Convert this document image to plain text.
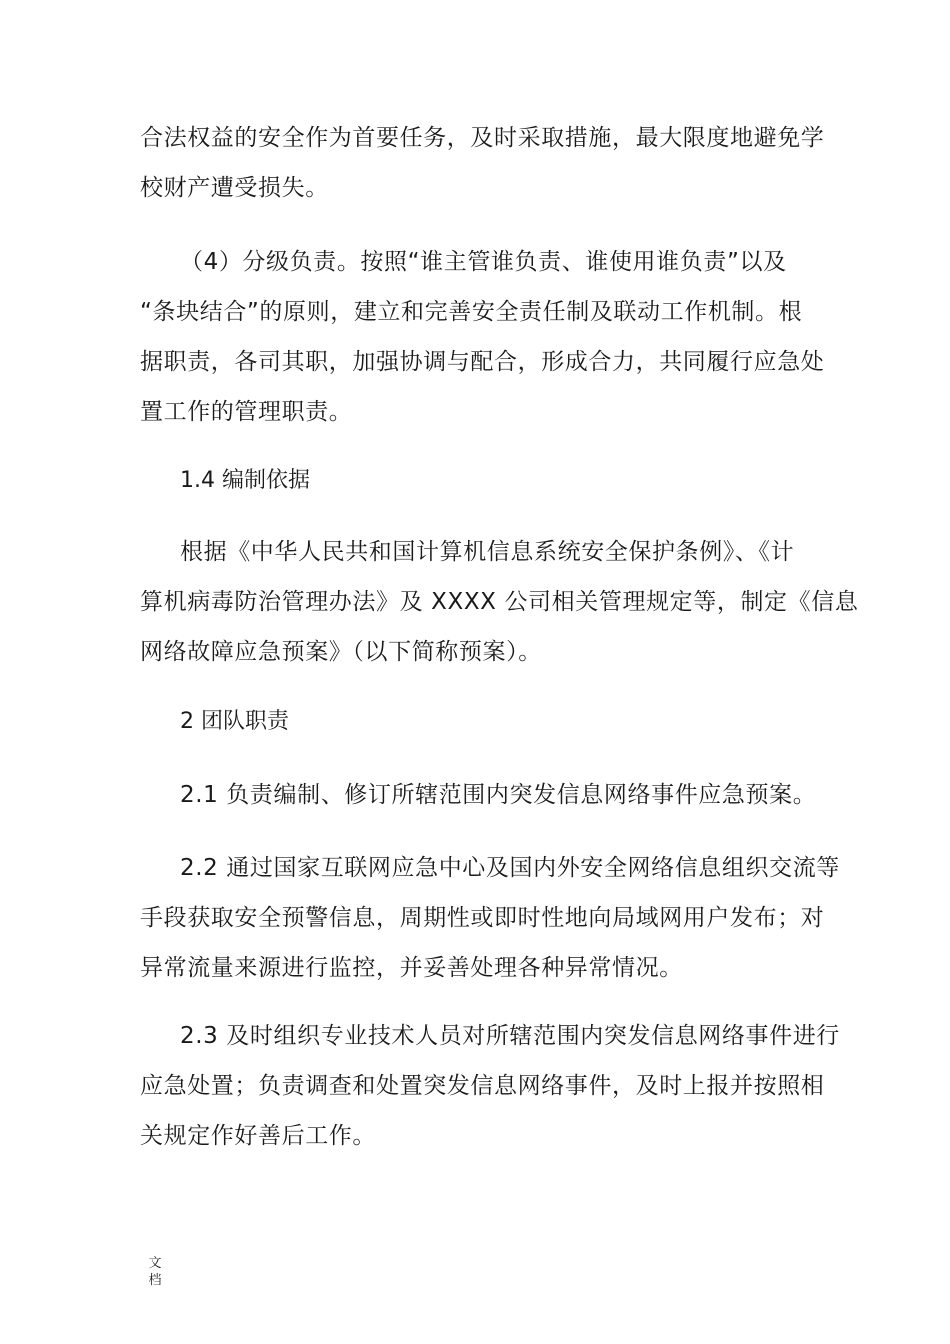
合法权益的安全作为首要任务，及时采取措施，最大限度地避免学
校财产遭受损失。
（4）分级负责。按照“谁主管谁负责、谁使用谁负责”以及
“条块结合”的原则，建立和完善安全责任制及联动工作机制。根
据职责，各司其职，加强协调与配合，形成合力，共同履行应急处
置工作的管理职责。

1.4 编制依据

根据《中华人民共和国计算机信息系统安全保护条例》、《计
算机病毒防治管理办法》及 XXXX 公司相关管理规定等，制定《信息
网络故障应急预案》（以下简称预案）。

2 团队职责

2.1 负责编制、修订所辖范围内突发信息网络事件应急预案。
2.2 通过国家互联网应急中心及国内外安全网络信息组织交流等
手段获取安全预警信息，周期性或即时性地向局域网用户发布；对
异常流量来源进行监控，并妥善处理各种异常情况。
2.3 及时组织专业技术人员对所辖范围内突发信息网络事件进行
应急处置；负责调查和处置突发信息网络事件，及时上报并按照相
关规定作好善后工作。
文
档
